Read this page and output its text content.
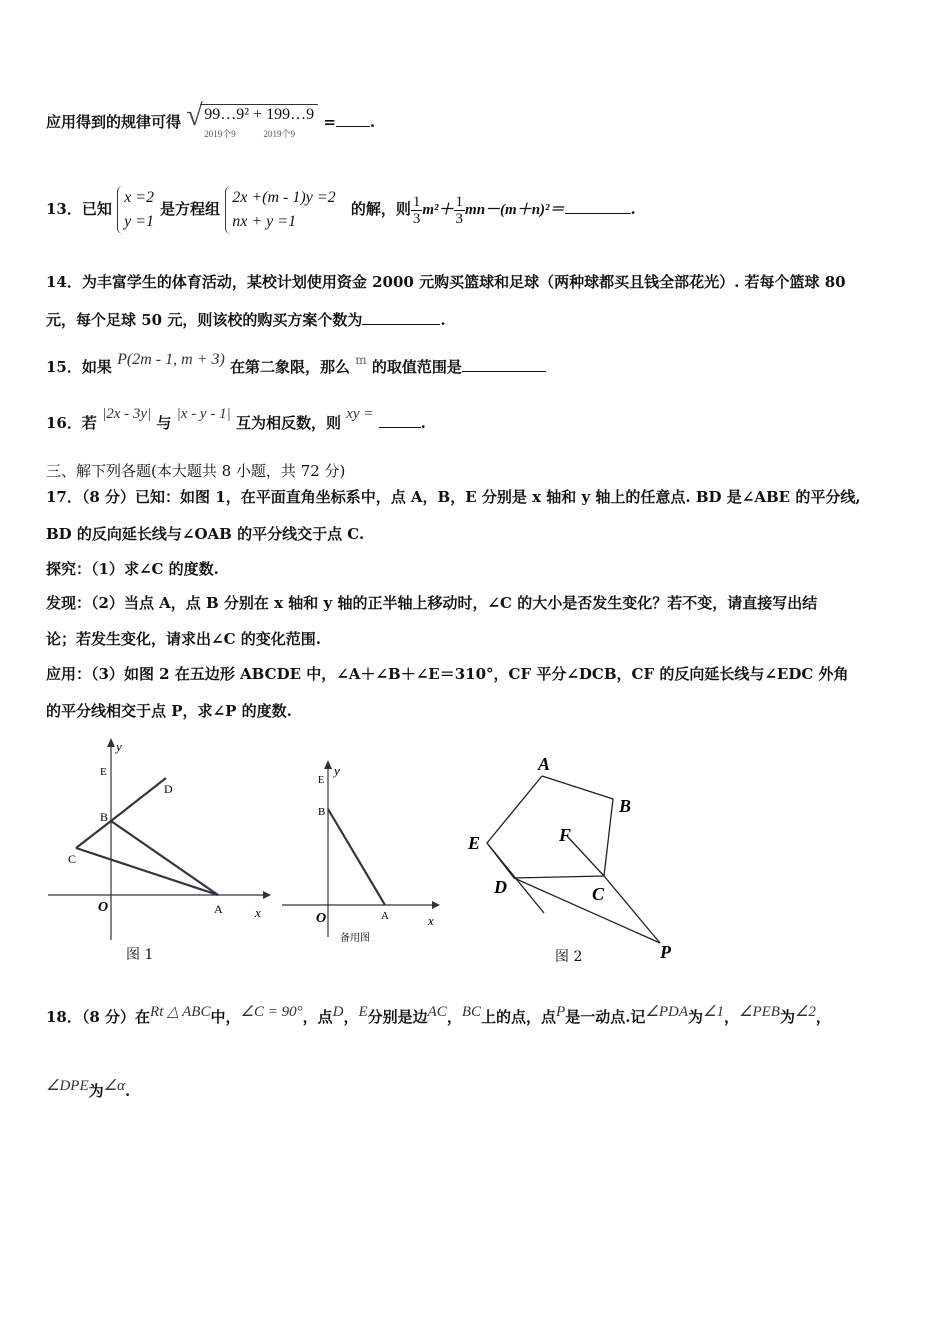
应用得到的规律可得 √ 99…9² + 199…9
2019个9	2019个9 = .
13．已知 x =2
y =1是方程组 2x +(m - 1)y =2
nx + y =1 的解，则 $\frac{1}{3} m^2+ \frac{1}{3} mn-(m+n)^2=$	.
14．为丰富学生的体育活动，某校计划使用资金 2000 元购买篮球和足球（两种球都买且钱全部花光）. 若每个篮球 80
元，每个足球 50 元，则该校的购买方案个数为	.
15．如果 P(2m - 1, m + 3) 在第二象限，那么 m 的取值范围是
16．若 |2x - 3y| 与 |x - y - 1| 互为相反数，则 xy =	.
三、解下列各题(本大题共 8 小题，共 72 分)
17．（8 分）已知：如图 1，在平面直角坐标系中，点 A，B，E 分别是 x 轴和 y 轴上的任意点. BD 是∠ABE 的平分线,
BD 的反向延长线与∠OAB 的平分线交于点 C.
探究：（1）求∠C 的度数.
发现：（2）当点 A，点 B 分别在 x 轴和 y 轴的正半轴上移动时，∠C 的大小是否发生变化？若不变，请直接写出结
论；若发生变化，请求出∠C 的变化范围.
应用：（3）如图 2 在五边形 ABCDE 中，∠A＋∠B＋∠E＝310°，CF 平分∠DCB，CF 的反向延长线与∠EDC 外角
的平分线相交于点 P，求∠P 的度数.
y
x
E
D
B
C
O	A
图 1
y
x
E
B
O	A
备用图
A
B
E	F
D	C
P
图 2
18．（8 分）在Rt △ ABC中，∠C = 90°，点D，E分别是边AC，BC上的点，点P是一动点.记∠PDA为∠1，∠PEB为∠2，
∠DPE为∠α.
